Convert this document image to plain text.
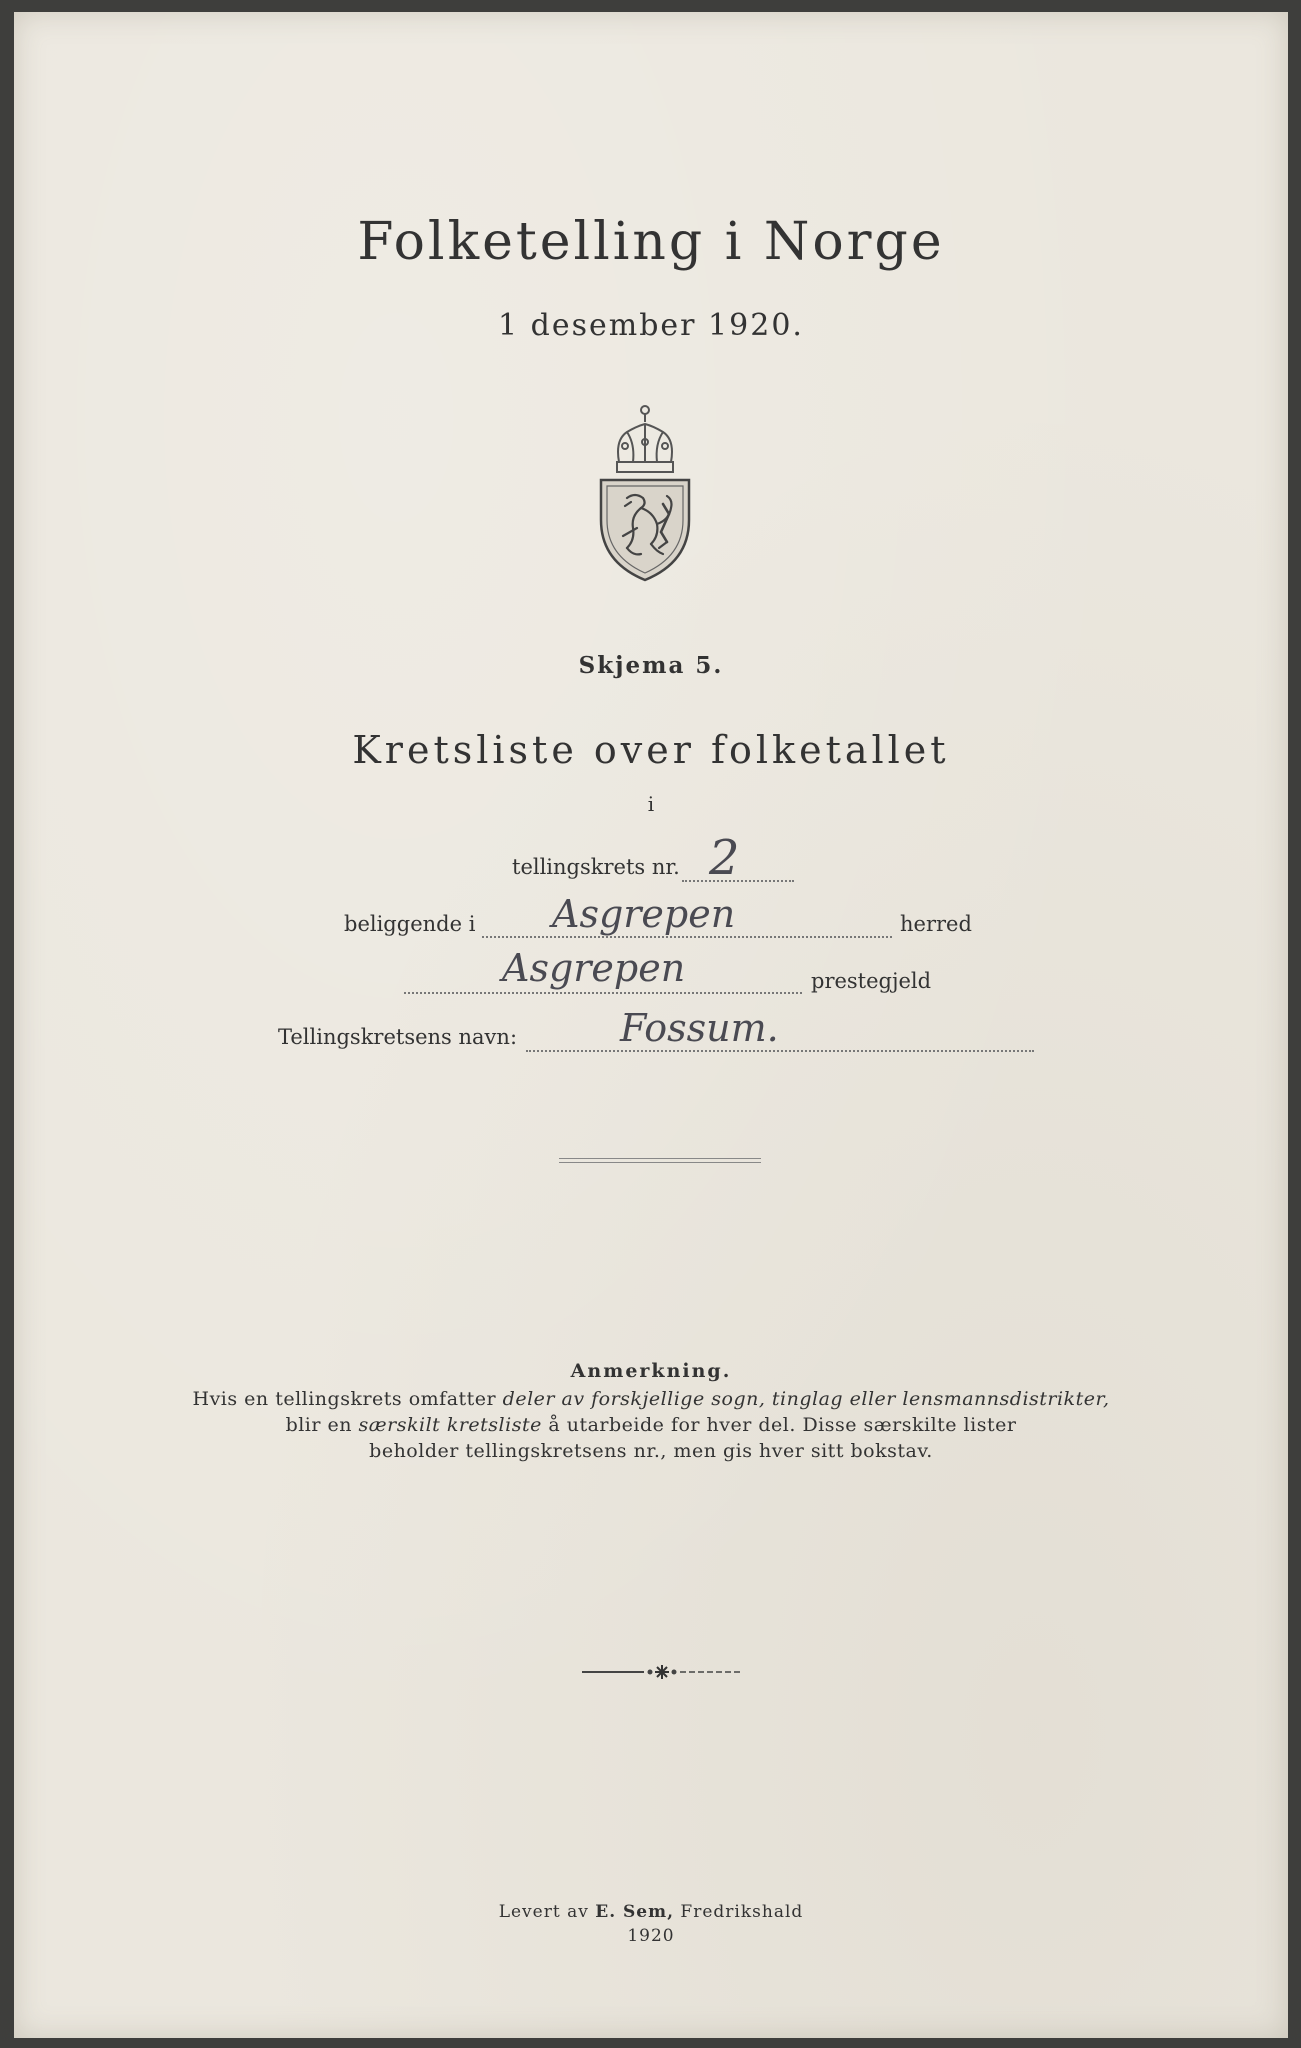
Folketelling i Norge
1 desember 1920.
Skjema 5.
Kretsliste over folketallet
i
tellingskrets nr. 2
beliggende i Asgrepen	herred
Asgrepen	prestegjeld
Tellingskretsens navn:	Fossum.
Anmerkning.
Hvis en tellingskrets omfatter deler av forskjellige sogn, tinglag eller lensmannsdistrikter,
blir en særskilt kretsliste å utarbeide for hver del. Disse særskilte lister
beholder tellingskretsens nr., men gis hver sitt bokstav.
Levert av E. Sem, Fredrikshald
1920
